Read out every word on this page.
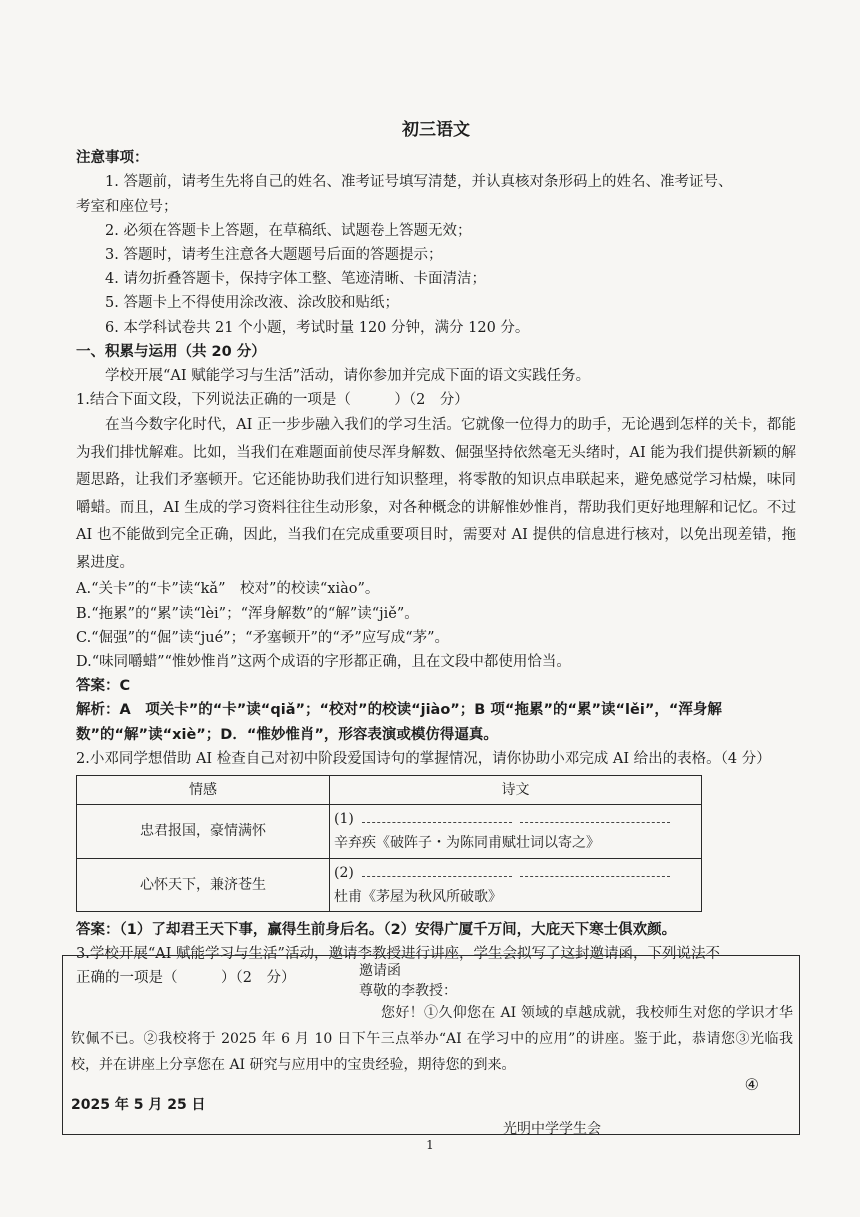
初三语文
注意事项：

1. 答题前，请考生先将自己的姓名、准考证号填写清楚，并认真核对条形码上的姓名、准考证号、

考室和座位号；

2. 必须在答题卡上答题，在草稿纸、试题卷上答题无效；

3. 答题时，请考生注意各大题题号后面的答题提示；

4. 请勿折叠答题卡，保持字体工整、笔迹清晰、卡面清洁；

5. 答题卡上不得使用涂改液、涂改胶和贴纸；

6. 本学科试卷共 21 个小题，考试时量 120 分钟，满分 120 分。

一、积累与运用（共 20 分）

学校开展“AI 赋能学习与生活”活动，请你参加并完成下面的语文实践任务。

1.结合下面文段，下列说法正确的一项是（　　　）（2　分）

在当今数字化时代，AI 正一步步融入我们的学习生活。它就像一位得力的助手，无论遇到怎样的关卡，都能为我们排忧解难。比如，当我们在难题面前使尽浑身解数、倔强坚持依然毫无头绪时，AI 能为我们提供新颖的解题思路，让我们矛塞顿开。它还能协助我们进行知识整理，将零散的知识点串联起来，避免感觉学习枯燥，味同嚼蜡。而且，AI 生成的学习资料往往生动形象，对各种概念的讲解惟妙惟肖，帮助我们更好地理解和记忆。不过 AI 也不能做到完全正确，因此，当我们在完成重要项目时，需要对 AI 提供的信息进行核对，以免出现差错，拖累进度。

A.“关卡”的“卡”读“kǎ”　校对”的校读“xiào”。

B.“拖累”的“累”读“lèi”；“浑身解数”的“解”读“jiě”。

C.“倔强”的“倔”读“jué”；“矛塞顿开”的“矛”应写成“茅”。

D.“味同嚼蜡”“惟妙惟肖”这两个成语的字形都正确，且在文段中都使用恰当。

答案：C

解析：A　项关卡”的“卡”读“qiǎ”；“校对”的校读“jiào”；B 项“拖累”的“累”读“lěi”，“浑身解数”的“解”读“xiè”；D．“惟妙惟肖”，形容表演或模仿得逼真。

2.小邓同学想借助 AI 检查自己对初中阶段爱国诗句的掌握情况，请你协助小邓完成 AI 给出的表格。（4 分）

情感	诗文
忠君报国，豪情满怀	(1)
辛弃疾《破阵子・为陈同甫赋壮词以寄之》

心怀天下，兼济苍生	(2)
杜甫《茅屋为秋风所破歌》

答案：（1）了却君王天下事，赢得生前身后名。（2）安得广厦千万间，大庇天下寒士俱欢颜。

3.学校开展“AI 赋能学习与生活”活动，邀请李教授进行讲座，学生会拟写了这封邀请函，下列说法不

正确的一项是（　　　）（2　分）	邀请函
尊敬的李教授：
您好！①久仰您在 AI 领域的卓越成就，我校师生对您的学识才华钦佩不已。②我校将于 2025 年 6 月 10 日下午三点举办“AI 在学习中的应用”的讲座。鉴于此，恭请您③光临我校，并在讲座上分享您在 AI 研究与应用中的宝贵经验，期待您的到来。
④
2025 年 5 月 25 日
光明中学学生会
1
